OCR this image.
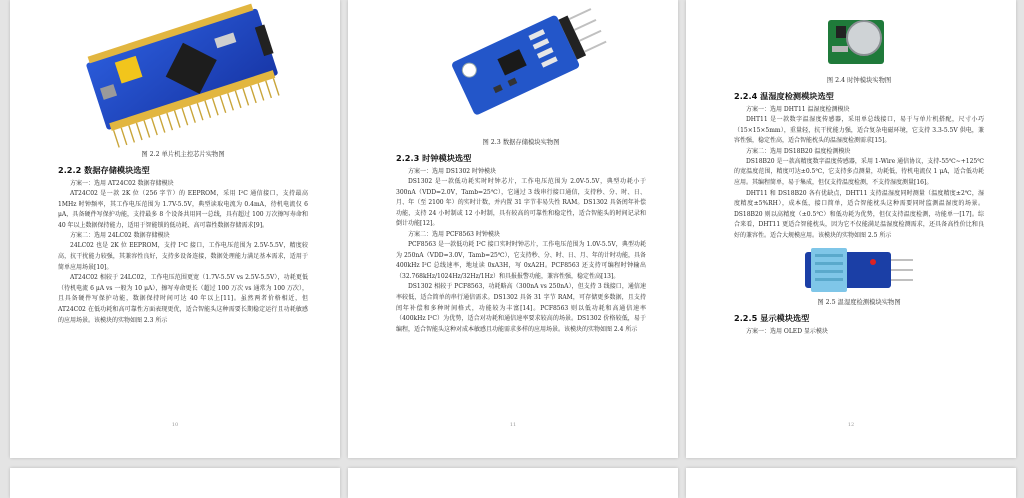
图 2.2 单片机主控芯片实物图
2.2.2 数据存储模块选型

方案一：选用 AT24C02 数据存储模块

AT24C02 是一款 2K 位（256 字节）的 EEPROM，采用 I²C 通信接口，支持最高 1MHz 时钟频率，其工作电压范围为 1.7V-5.5V，典型读取电流为 0.4mA，待机电流仅 6 μA，具备硬件写保护功能，支持最多 8 个设备共用同一总线，具有超过 100 万次擦写寿命和 40 年以上数据保持能力，适用于智能锁的低功耗、高可靠性数据存储需求[9]。

方案二：选用 24LC02 数据存储模块

24LC02 也是 2K 位 EEPROM，支持 I²C 接口，工作电压范围为 2.5V-5.5V，精度较高，抗干扰能力较强，其兼容性良好，支持多设备连接，数据处理能力满足基本需求，适用于简单应用场景[10]。

AT24C02 相较于 24LC02，工作电压范围更宽（1.7V-5.5V vs 2.5V-5.5V），功耗更低（待机电流 6 μA vs 一般为 10 μA），擦写寿命更长（超过 100 万次 vs 通常为 100 万次），且具备硬件写保护功能，数据保持时间可达 40 年以上[11]。虽然两者价格相近，但 AT24C02 在低功耗和高可靠性方面表现更优，适合智能头这种需要长期稳定运行且功耗敏感的应用场景。该模块的实物如图 2.3 所示

10
图 2.3 数据存储模块实物图
2.2.3 时钟模块选型

方案一：选用 DS1302 时钟模块

DS1302 是一款低功耗实时时钟芯片，工作电压范围为 2.0V-5.5V，典型功耗小于 300nA（VDD=2.0V，Tamb=25℃），它通过 3 线串行接口通信，支持秒、分、时、日、月、年（至 2100 年）的实时计数，并内置 31 字节非易失性 RAM。DS1302 具备闰年补偿功能，支持 24 小时制或 12 小时制，具有较高的可靠性和稳定性，适合智能头的时间记录和倒计功能[12]。

方案二：选用 PCF8563 时钟模块

PCF8563 是一款低功耗 I²C 接口实时时钟芯片，工作电压范围为 1.0V-5.5V，典型功耗为 250nA（VDD=3.0V，Tamb=25℃），它支持秒、分、时、日、月、年的计时功能，具备 400kHz I²C 总线速率，地址读 0xA3H，写 0xA2H。PCF8563 还支持可编程时钟输出（32.768kHz/1024Hz/32Hz/1Hz）和具报报警功能，兼容性强，稳定性高[13]。

DS1302 相较于 PCF8563，功耗略高（300nA vs 250nA），但支持 3 线接口，通信速率较低，适合简单的串行通信需求。DS1302 具备 31 字节 RAM，可存储更多数据，且支持闰年补偿和多种时间格式，功能较为丰富[14]。PCF8563 则以低功耗和高通信速率（400kHz I²C）为优势，适合对功耗和通信速率要求较高的场景。DS1302 价格较低，易于编程，适合智能头这种对成本敏感且功能需求多样的应用场景。该模块的实物如图 2.4 所示

11
图 2.4 时钟模块实物图
2.2.4 温湿度检测模块选型

方案一：选用 DHT11 温湿度检测模块

DHT11 是一款数字温湿度传感器，采用单总线接口，易于与单片机搭配，尺寸小巧（15×15×5mm），重量轻，抗干扰能力强，适合复杂电磁环境，它支持 3.3-5.5V 供电，兼容性强，稳定性高，适合智能枕头的温湿度检测需求[15]。

方案二：选用 DS18B20 温度检测模块

DS18B20 是一款高精度数字温度传感器，采用 1-Wire 通信协议，支持-55℃~+125℃的宽温度范围，精度可达±0.5℃，它支持多点测量，功耗低，待机电流仅 1 μA，适合低功耗应用。其编程简单，易于集成，但仅支持温度检测，不支持湿度测量[16]。

DHT11 和 DS18B20 各有优缺点，DHT11 支持温湿度同时测量（温度精度±2℃，湿度精度±5%RH），成本低，接口简单，适合智能枕头这种需要同时监测温湿度的场景。DS18B20 则以高精度（±0.5℃）和低功耗为优势，但仅支持温度检测，功能单一[17]。综合来看，DHT11 更适合智能枕头，因为它不仅能满足温湿度检测需求，还具备高性价比和良好的兼容性。适合大规模应用。该模块的实物如图 2.5 所示

图 2.5 温湿度检测模块实物图
2.2.5 显示模块选型

方案一：选用 OLED 显示模块

12
